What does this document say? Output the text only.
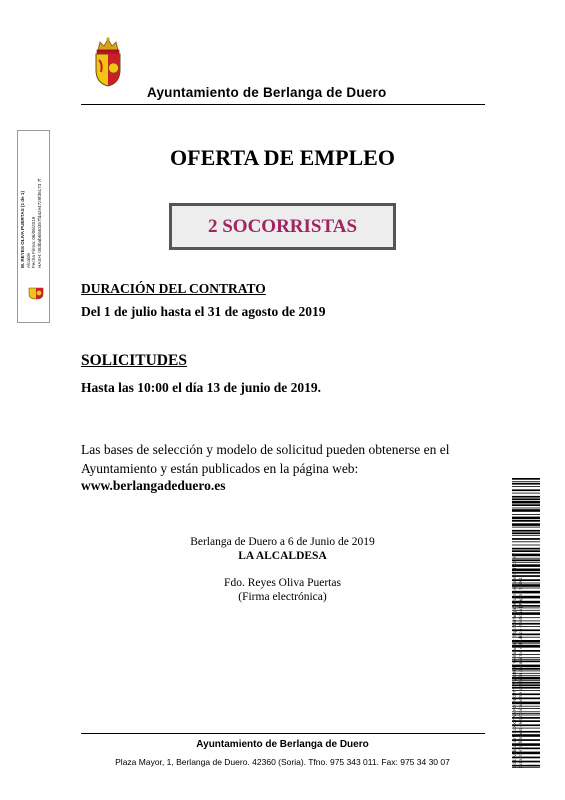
Ayuntamiento de Berlanga de Duero
OFERTA DE EMPLEO
2 SOCORRISTAS
DURACIÓN DEL CONTRATO
Del 1 de julio hasta el 31 de agosto de 2019
SOLICITUDES
Hasta las 10:00 el día 13 de junio de 2019.
Las bases de selección y modelo de solicitud pueden obtenerse en el
Ayuntamiento y están publicados en la página web:
www.berlangadeduero.es
Berlanga de Duero a 6 de Junio de 2019
LA ALCALDESA
Fdo. Reyes Oliva Puertas
(Firma electrónica)
Ayuntamiento de Berlanga de Duero
Plaza Mayor, 1, Berlanga de Duero. 42360 (Soria). Tfno. 975 343 011. Fax: 975 34 30 07
M. REYES OLIVA PUERTAS (1 de 1) Alcalde Fecha Firma: 06/06/2019 HASH: 053bab6840357fda2e4729fd6173 7f
Cód. Validación: XLXXYWNPD7NKUTT3VWMN3 | Verificación: http://berlangadeduero.sedelectronica.es/ Documento firmado electrónicamente desde la plataforma esPublico Gestiona | Página 1 de 1
